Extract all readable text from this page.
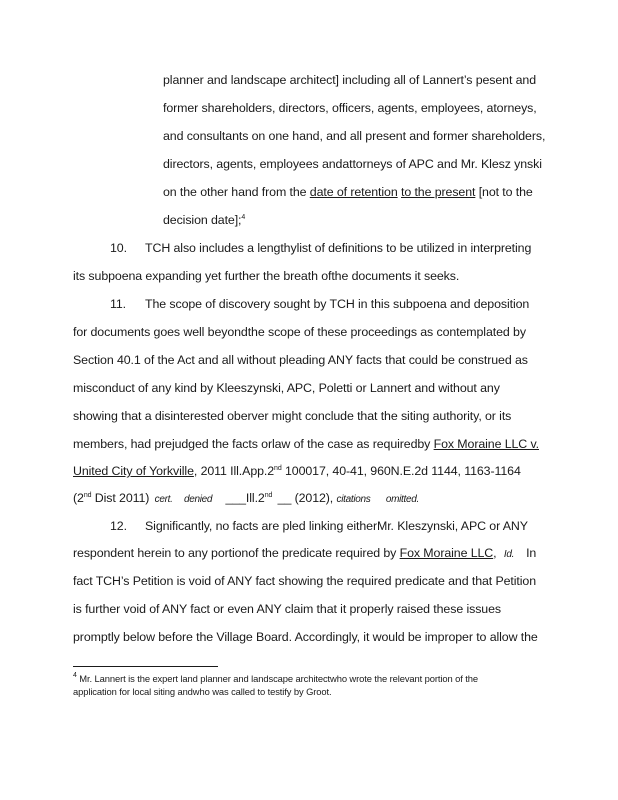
planner and landscape architect] including all of Lannert’s pesent and
former shareholders, directors, officers, agents, employees, atorneys,
and consultants on one hand, and all present and former shareholders,
directors, agents, employees andattorneys of APC and Mr. Klesz ynski
on the other hand from the date of retention to the present [not to the
decision date];$^4$
10. TCH also includes a lengthylist of definitions to be utilized in interpreting
its subpoena expanding yet further the breath ofthe documents it seeks.
11. The scope of discovery sought by TCH in this subpoena and deposition
for documents goes well beyondthe scope of these proceedings as contemplated by
Section 40.1 of the Act and all without pleading ANY facts that could be construed as
misconduct of any kind by Kleeszynski, APC, Poletti or Lannert and without any
showing that a disinterested oberver might conclude that the siting authority, or its
members, had prejudged the facts orlaw of the case as requiredby Fox Moraine LLC v.
United City of Yorkville, 2011 Ill.App.2nd 100017, 40-41, 960N.E.2d 1144, 1163-1164
(2nd Dist 2011) cert. denied ___Ill.2nd __ (2012), citations omitted.
12. Significantly, no facts are pled linking eitherMr. Kleszynski, APC or ANY
respondent herein to any portionof the predicate required by Fox Moraine LLC, Id. In
fact TCH’s Petition is void of ANY fact showing the required predicate and that Petition
is further void of ANY fact or even ANY claim that it properly raised these issues
promptly below before the Village Board. Accordingly, it would be improper to allow the
$^4$ Mr. Lannert is the expert land planner and landscape architectwho wrote the relevant portion of the
application for local siting andwho was called to testify by Groot.
